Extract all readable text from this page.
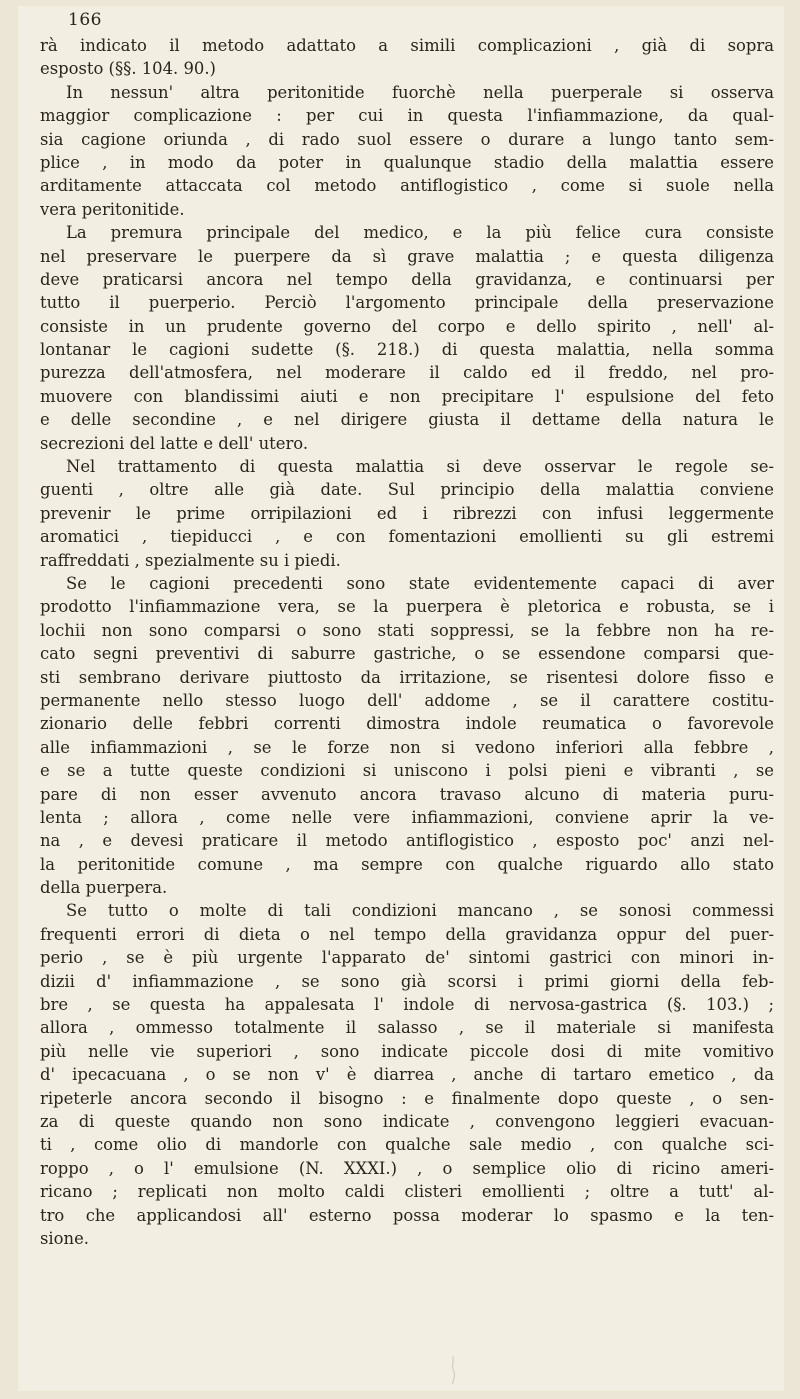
166
rà indicato il metodo adattato a simili complicazioni , già di sopra
esposto (§§. 104. 90.)
In nessun' altra peritonitide fuorchè nella puerperale si osserva
maggior complicazione : per cui in questa l'infiammazione, da qual-
sia cagione oriunda , di rado suol essere o durare a lungo tanto sem-
plice , in modo da poter in qualunque stadio della malattia essere
arditamente attaccata col metodo antiflogistico , come si suole nella
vera peritonitide.
La premura principale del medico, e la più felice cura consiste
nel preservare le puerpere da sì grave malattia ; e questa diligenza
deve praticarsi ancora nel tempo della gravidanza, e continuarsi per
tutto il puerperio. Perciò l'argomento principale della preservazione
consiste in un prudente governo del corpo e dello spirito , nell' al-
lontanar le cagioni sudette (§. 218.) di questa malattia, nella somma
purezza dell'atmosfera, nel moderare il caldo ed il freddo, nel pro-
muovere con blandissimi aiuti e non precipitare l' espulsione del feto
e delle secondine , e nel dirigere giusta il dettame della natura le
secrezioni del latte e dell' utero.
Nel trattamento di questa malattia si deve osservar le regole se-
guenti , oltre alle già date. Sul principio della malattia conviene
prevenir le prime orripilazioni ed i ribrezzi con infusi leggermente
aromatici , tiepiducci , e con fomentazioni emollienti su gli estremi
raffreddati , spezialmente su i piedi.
Se le cagioni precedenti sono state evidentemente capaci di aver
prodotto l'infiammazione vera, se la puerpera è pletorica e robusta, se i
lochii non sono comparsi o sono stati soppressi, se la febbre non ha re-
cato segni preventivi di saburre gastriche, o se essendone comparsi que-
sti sembrano derivare piuttosto da irritazione, se risentesi dolore fisso e
permanente nello stesso luogo dell' addome , se il carattere costitu-
zionario delle febbri correnti dimostra indole reumatica o favorevole
alle infiammazioni , se le forze non si vedono inferiori alla febbre ,
e se a tutte queste condizioni si uniscono i polsi pieni e vibranti , se
pare di non esser avvenuto ancora travaso alcuno di materia puru-
lenta ; allora , come nelle vere infiammazioni, conviene aprir la ve-
na , e devesi praticare il metodo antiflogistico , esposto poc' anzi nel-
la peritonitide comune , ma sempre con qualche riguardo allo stato
della puerpera.
Se tutto o molte di tali condizioni mancano , se sonosi commessi
frequenti errori di dieta o nel tempo della gravidanza oppur del puer-
perio , se è più urgente l'apparato de' sintomi gastrici con minori in-
dizii d' infiammazione , se sono già scorsi i primi giorni della feb-
bre , se questa ha appalesata l' indole di nervosa-gastrica (§. 103.) ;
allora , ommesso totalmente il salasso , se il materiale si manifesta
più nelle vie superiori , sono indicate piccole dosi di mite vomitivo
d' ipecacuana , o se non v' è diarrea , anche di tartaro emetico , da
ripeterle ancora secondo il bisogno : e finalmente dopo queste , o sen-
za di queste quando non sono indicate , convengono leggieri evacuan-
ti , come olio di mandorle con qualche sale medio , con qualche sci-
roppo , o l' emulsione (N. XXXI.) , o semplice olio di ricino ameri-
ricano ; replicati non molto caldi clisteri emollienti ; oltre a tutt' al-
tro che applicandosi all' esterno possa moderar lo spasmo e la ten-
sione.
